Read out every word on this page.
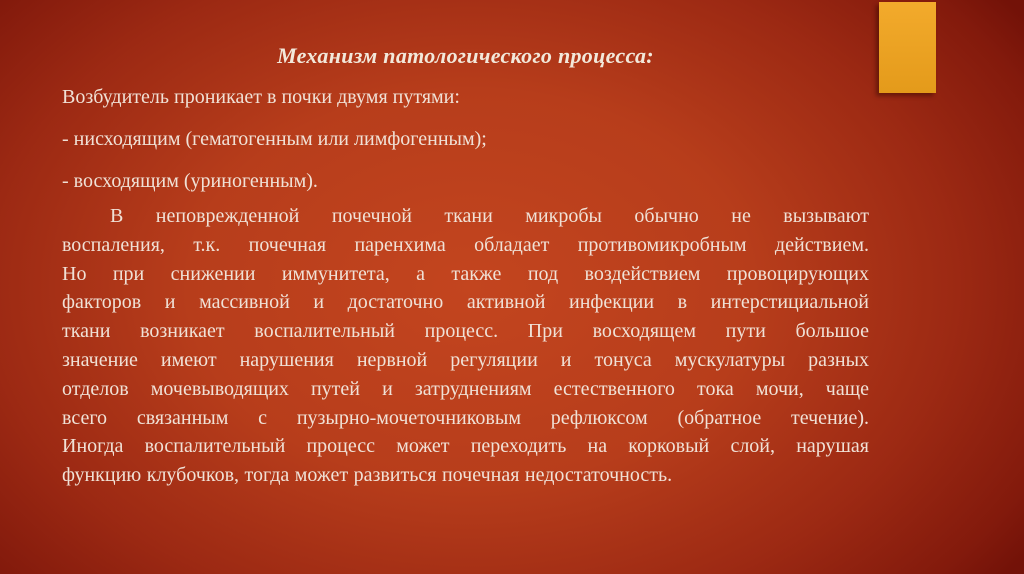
Механизм патологического процесса:

Возбудитель проникает в почки двумя путями:

- нисходящим (гематогенным или лимфогенным);

- восходящим (уриногенным).

В неповрежденной почечной ткани микробы обычно не вызывают
воспаления, т.к. почечная паренхима обладает противомикробным действием.
Но при снижении иммунитета, а также под воздействием провоцирующих
факторов и массивной и достаточно активной инфекции в интерстициальной
ткани возникает воспалительный процесс. При восходящем пути большое
значение имеют нарушения нервной регуляции и тонуса мускулатуры разных
отделов мочевыводящих путей и затруднениям естественного тока мочи, чаще
всего связанным с пузырно-мочеточниковым рефлюксом (обратное течение).
Иногда воспалительный процесс может переходить на корковый слой, нарушая
функцию клубочков, тогда может развиться почечная недостаточность.
